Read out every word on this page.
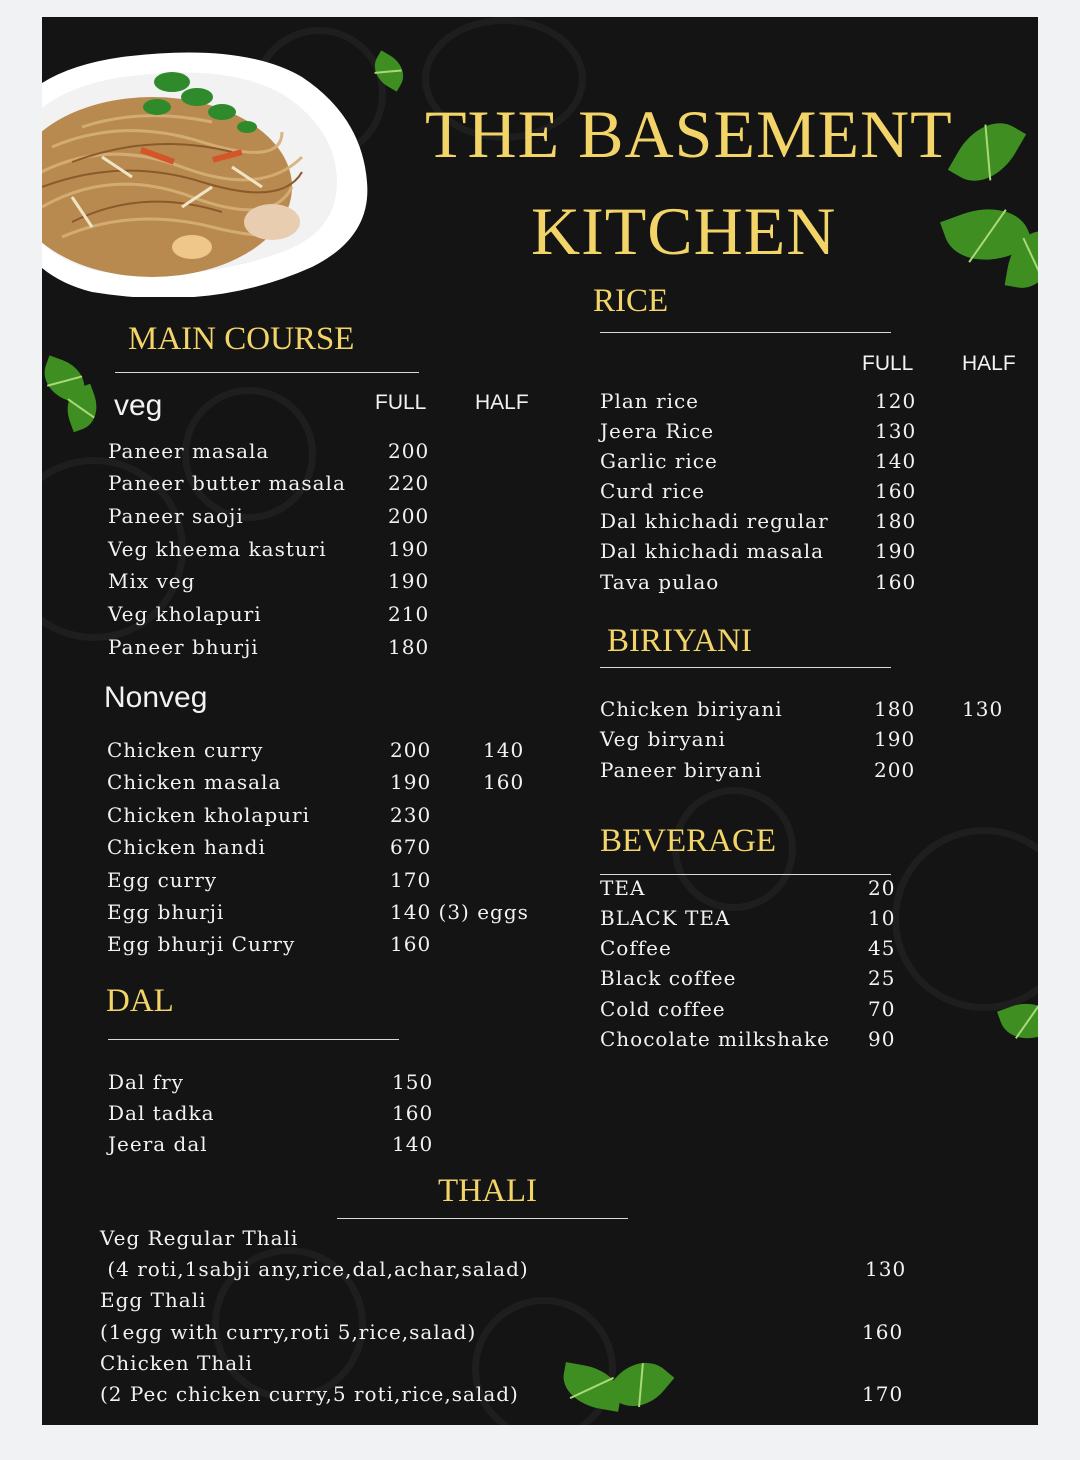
THE BASEMENT
KITCHEN
MAIN COURSE
veg	FULL HALF
Paneer masala	200
Paneer butter masala 220
Paneer saoji	200
Veg kheema kasturi	190
Mix veg	190
Veg kholapuri	210
Paneer bhurji	180
Nonveg
Chicken curry	200	140
Chicken masala	190	160
Chicken kholapuri	230
Chicken handi	670
Egg curry	170
Egg bhurji	140 (3) eggs
Egg bhurji Curry	160
DAL
Dal fry	150
Dal tadka	160
Jeera dal	140
RICE
FULL HALF
Plan rice	120
Jeera Rice	130
Garlic rice	140
Curd rice	160
Dal khichadi regular 180
Dal khichadi masala	190
Tava pulao	160
BIRIYANI
Chicken biriyani	180 130
Veg biryani	190
Paneer biryani	200
BEVERAGE
TEA	20
BLACK TEA	10
Coffee	45
Black coffee	25
Cold coffee	70
Chocolate milkshake 90
THALI
Veg Regular Thali
(4 roti,1sabji any,rice,dal,achar,salad)	130
Egg Thali
(1egg with curry,roti 5,rice,salad)	160
Chicken Thali
(2 Pec chicken curry,5 roti,rice,salad)	170
